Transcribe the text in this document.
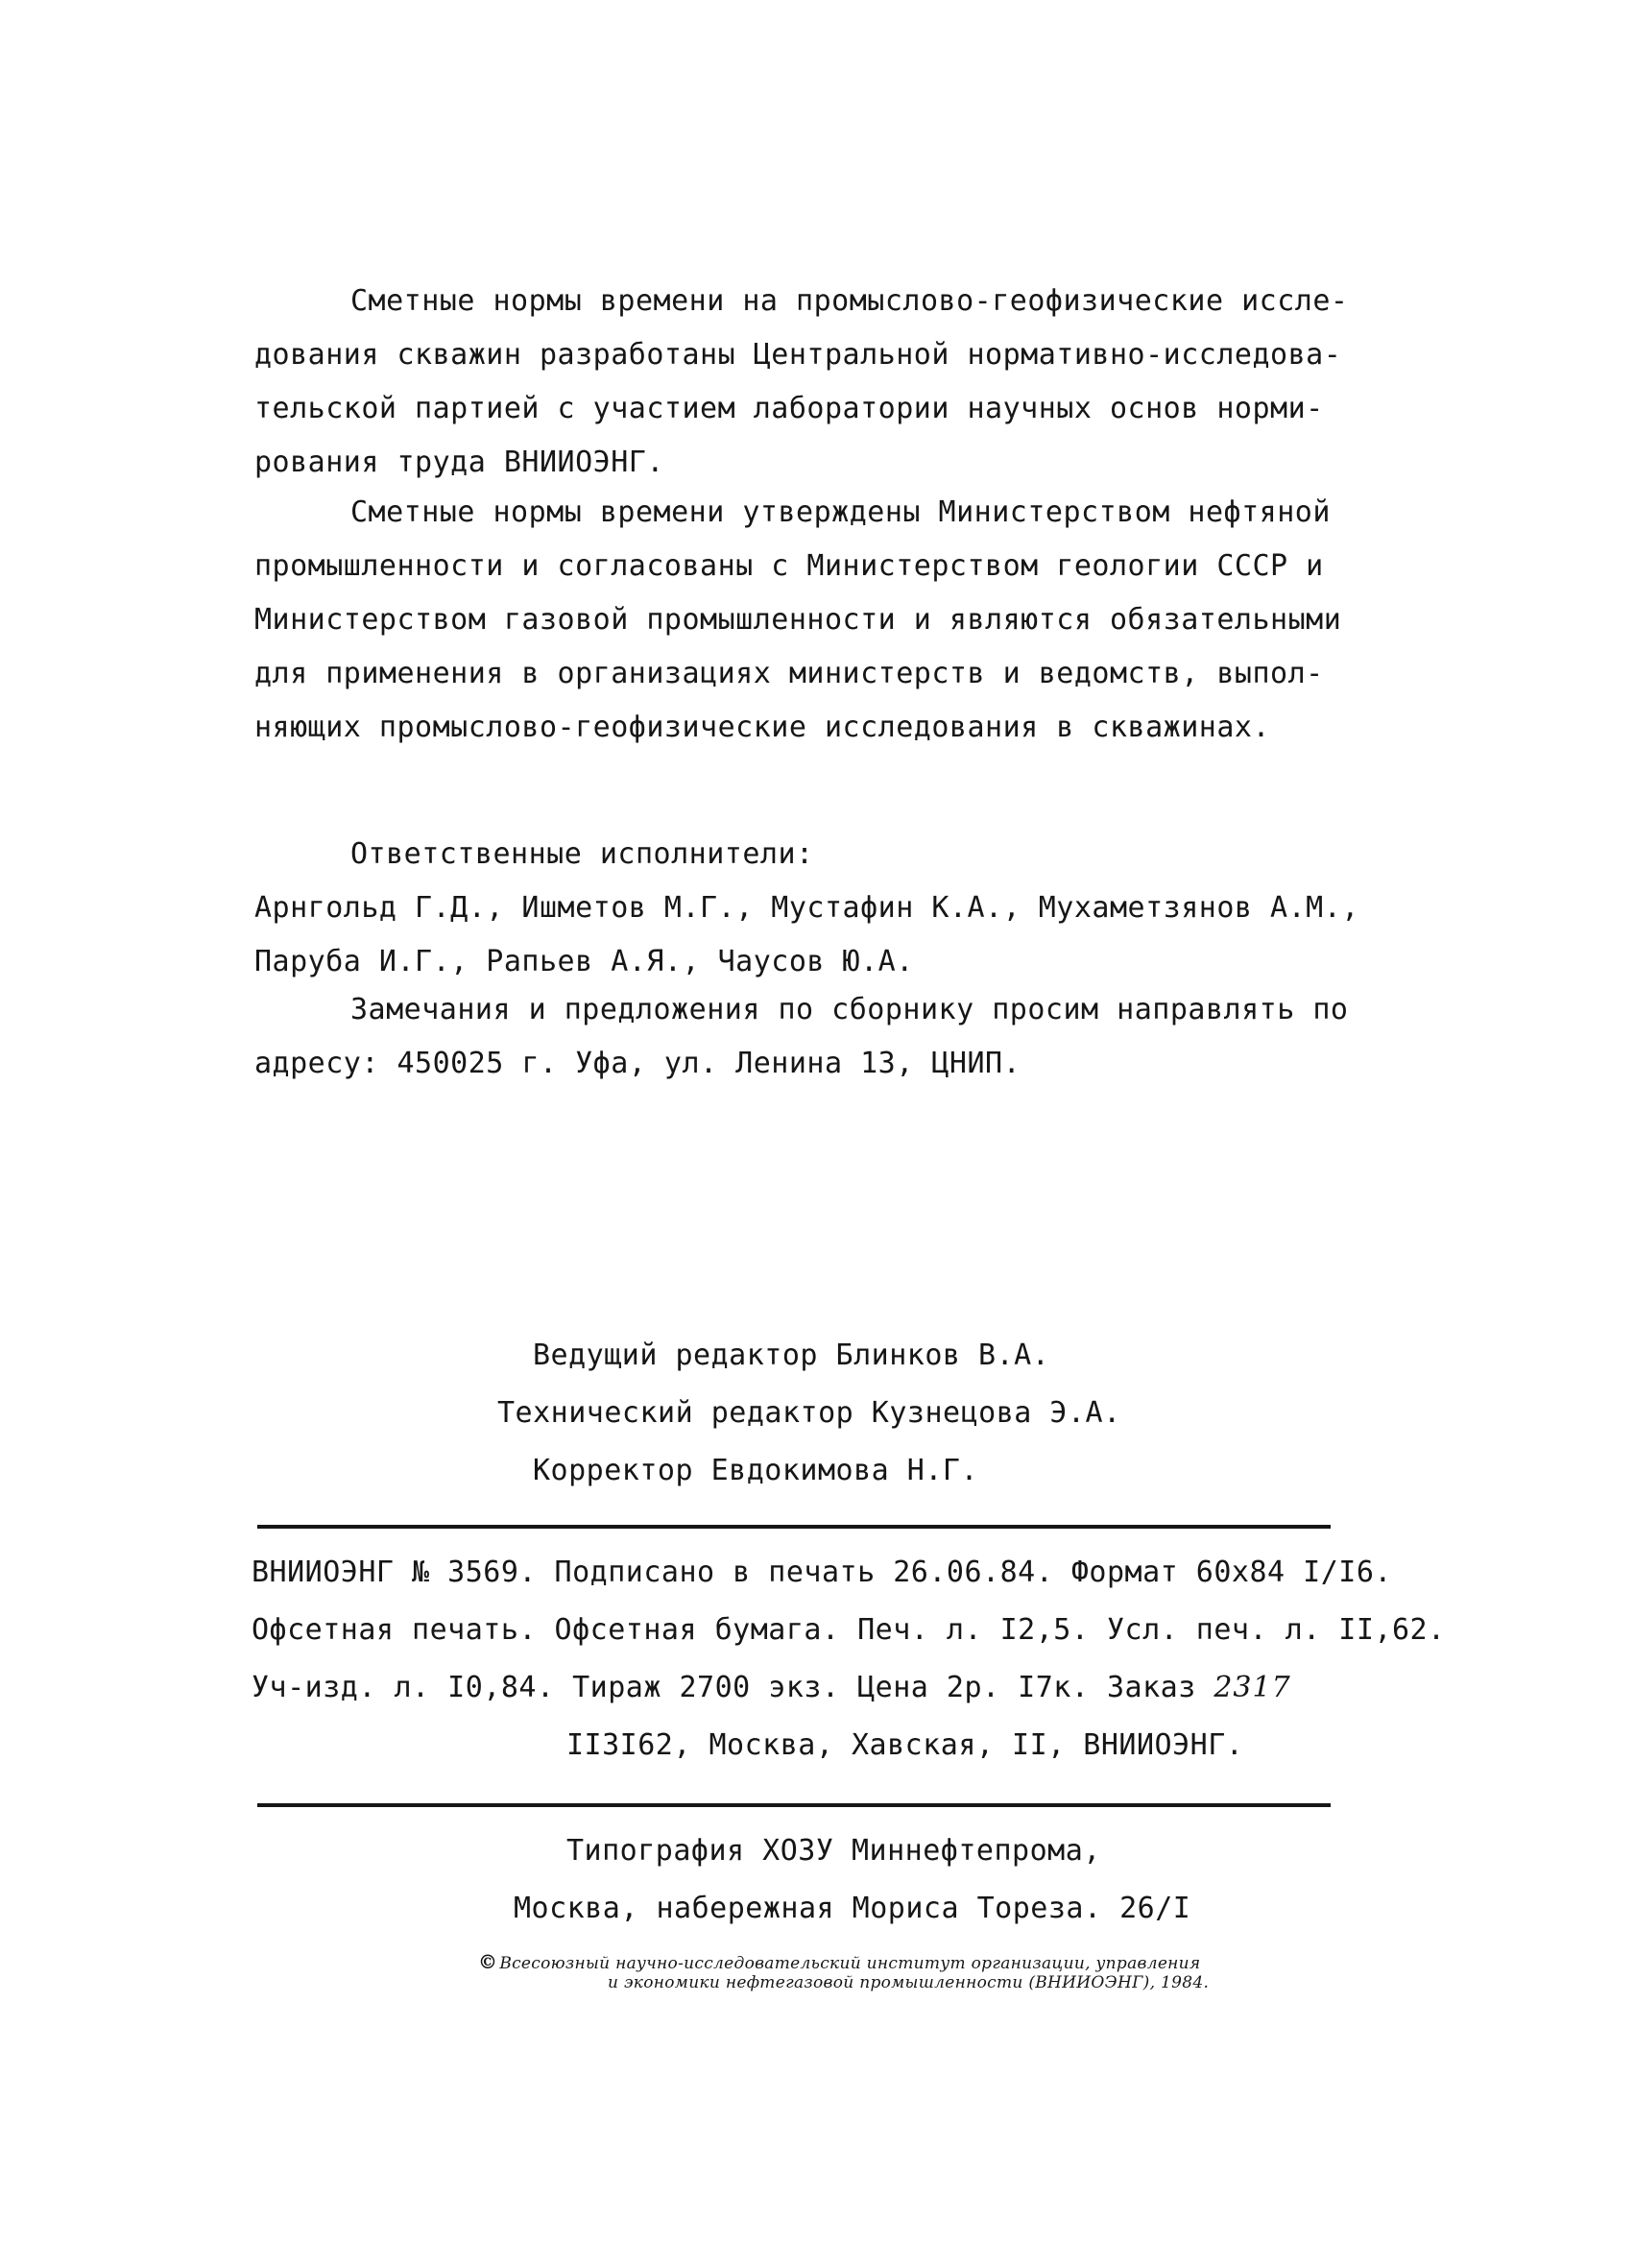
Сметные нормы времени на промыслово-геофизические иссле-
дования скважин разработаны Центральной нормативно-исследова-
тельской партией с участием лаборатории научных основ норми-
рования труда ВНИИОЭНГ.
Сметные нормы времени утверждены Министерством нефтяной
промышленности и согласованы с Министерством геологии СССР и
Министерством газовой промышленности и являются обязательными
для применения в организациях министерств и ведомств, выпол-
няющих промыслово-геофизические исследования в скважинах.
Ответственные исполнители:
Арнгольд Г.Д., Ишметов М.Г., Мустафин К.А., Мухаметзянов А.М.,
Паруба И.Г., Рапьев А.Я., Чаусов Ю.А.
Замечания и предложения по сборнику просим направлять по
адресу: 450025 г. Уфа, ул. Ленина 13, ЦНИП.
Ведущий редактор Блинков В.А.
Технический редактор Кузнецова Э.А.
Корректор Евдокимова Н.Г.
ВНИИОЭНГ № 3569. Подписано в печать 26.06.84. Формат 60х84 I/I6.
Офсетная печать. Офсетная бумага. Печ. л. I2,5. Усл. печ. л. II,62.
Уч-изд. л. I0,84. Тираж 2700 экз. Цена 2р. I7к. Заказ 2317
II3I62, Москва, Хавская, II, ВНИИОЭНГ.
Типография ХОЗУ Миннефтепрома,
Москва, набережная Мориса Тореза. 26/I
© Всесоюзный научно-исследовательский институт организации, управления
и экономики нефтегазовой промышленности (ВНИИОЭНГ), 1984.
